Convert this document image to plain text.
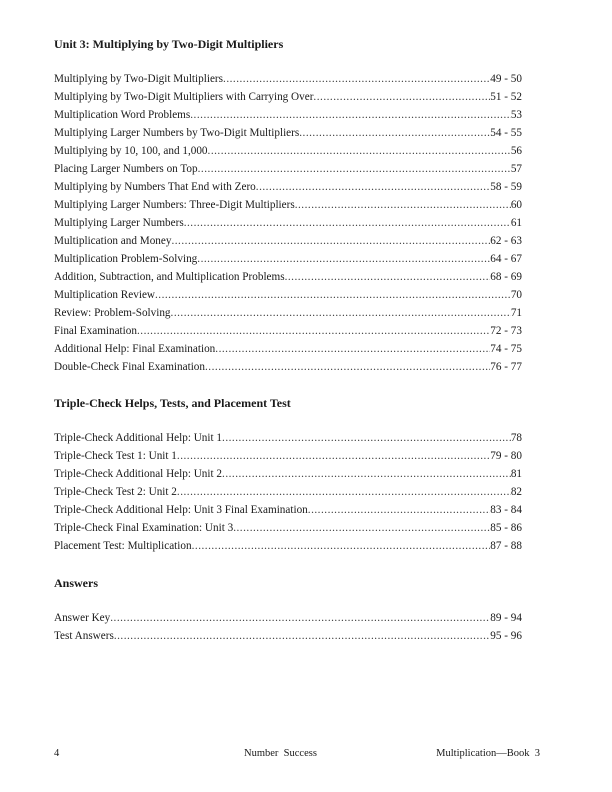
Unit 3: Multiplying by Two-Digit Multipliers
Multiplying by Two-Digit Multipliers .....	49 - 50
Multiplying by Two-Digit Multipliers with Carrying Over .....	51 - 52
Multiplication Word Problems .....	53
Multiplying Larger Numbers by Two-Digit Multipliers .....	54 - 55
Multiplying by 10, 100, and 1,000 .....	56
Placing Larger Numbers on Top .....	57
Multiplying by Numbers That End with Zero .....	58 - 59
Multiplying Larger Numbers: Three-Digit Multipliers .....	60
Multiplying Larger Numbers .....	61
Multiplication and Money .....	62 - 63
Multiplication Problem-Solving .....	64 - 67
Addition, Subtraction, and Multiplication Problems .....	68 - 69
Multiplication Review .....	70
Review: Problem-Solving .....	71
Final Examination .....	72 - 73
Additional Help: Final Examination .....	74 - 75
Double-Check Final Examination .....	76 - 77
Triple-Check Helps, Tests, and Placement Test
Triple-Check Additional Help: Unit 1 .....	78
Triple-Check Test 1: Unit 1 .....	79 - 80
Triple-Check Additional Help: Unit 2 .....	81
Triple-Check Test 2: Unit 2 .....	82
Triple-Check Additional Help: Unit 3 Final Examination .....	83 - 84
Triple-Check Final Examination: Unit 3 .....	85 - 86
Placement Test: Multiplication .....	87 - 88
Answers
Answer Key .....	89 - 94
Test Answers .....	95 - 96
4	Number  Success	Multiplication—Book  3
